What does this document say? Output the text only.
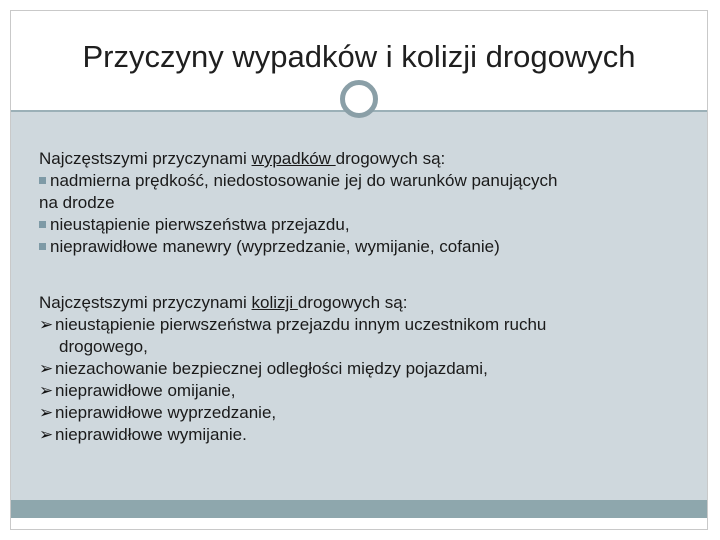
Przyczyny wypadków i kolizji drogowych

Najczęstszymi przyczynami wypadków drogowych są:

nadmierna prędkość, niedostosowanie jej do warunków panujących

na drodze

nieustąpienie pierwszeństwa przejazdu,

nieprawidłowe manewry (wyprzedzanie, wymijanie, cofanie)

Najczęstszymi przyczynami kolizji drogowych są:

➢ nieustąpienie pierwszeństwa przejazdu innym uczestnikom ruchu

drogowego,

➢ niezachowanie bezpiecznej odległości między pojazdami,

➢ nieprawidłowe omijanie,

➢ nieprawidłowe wyprzedzanie,

➢ nieprawidłowe wymijanie.
